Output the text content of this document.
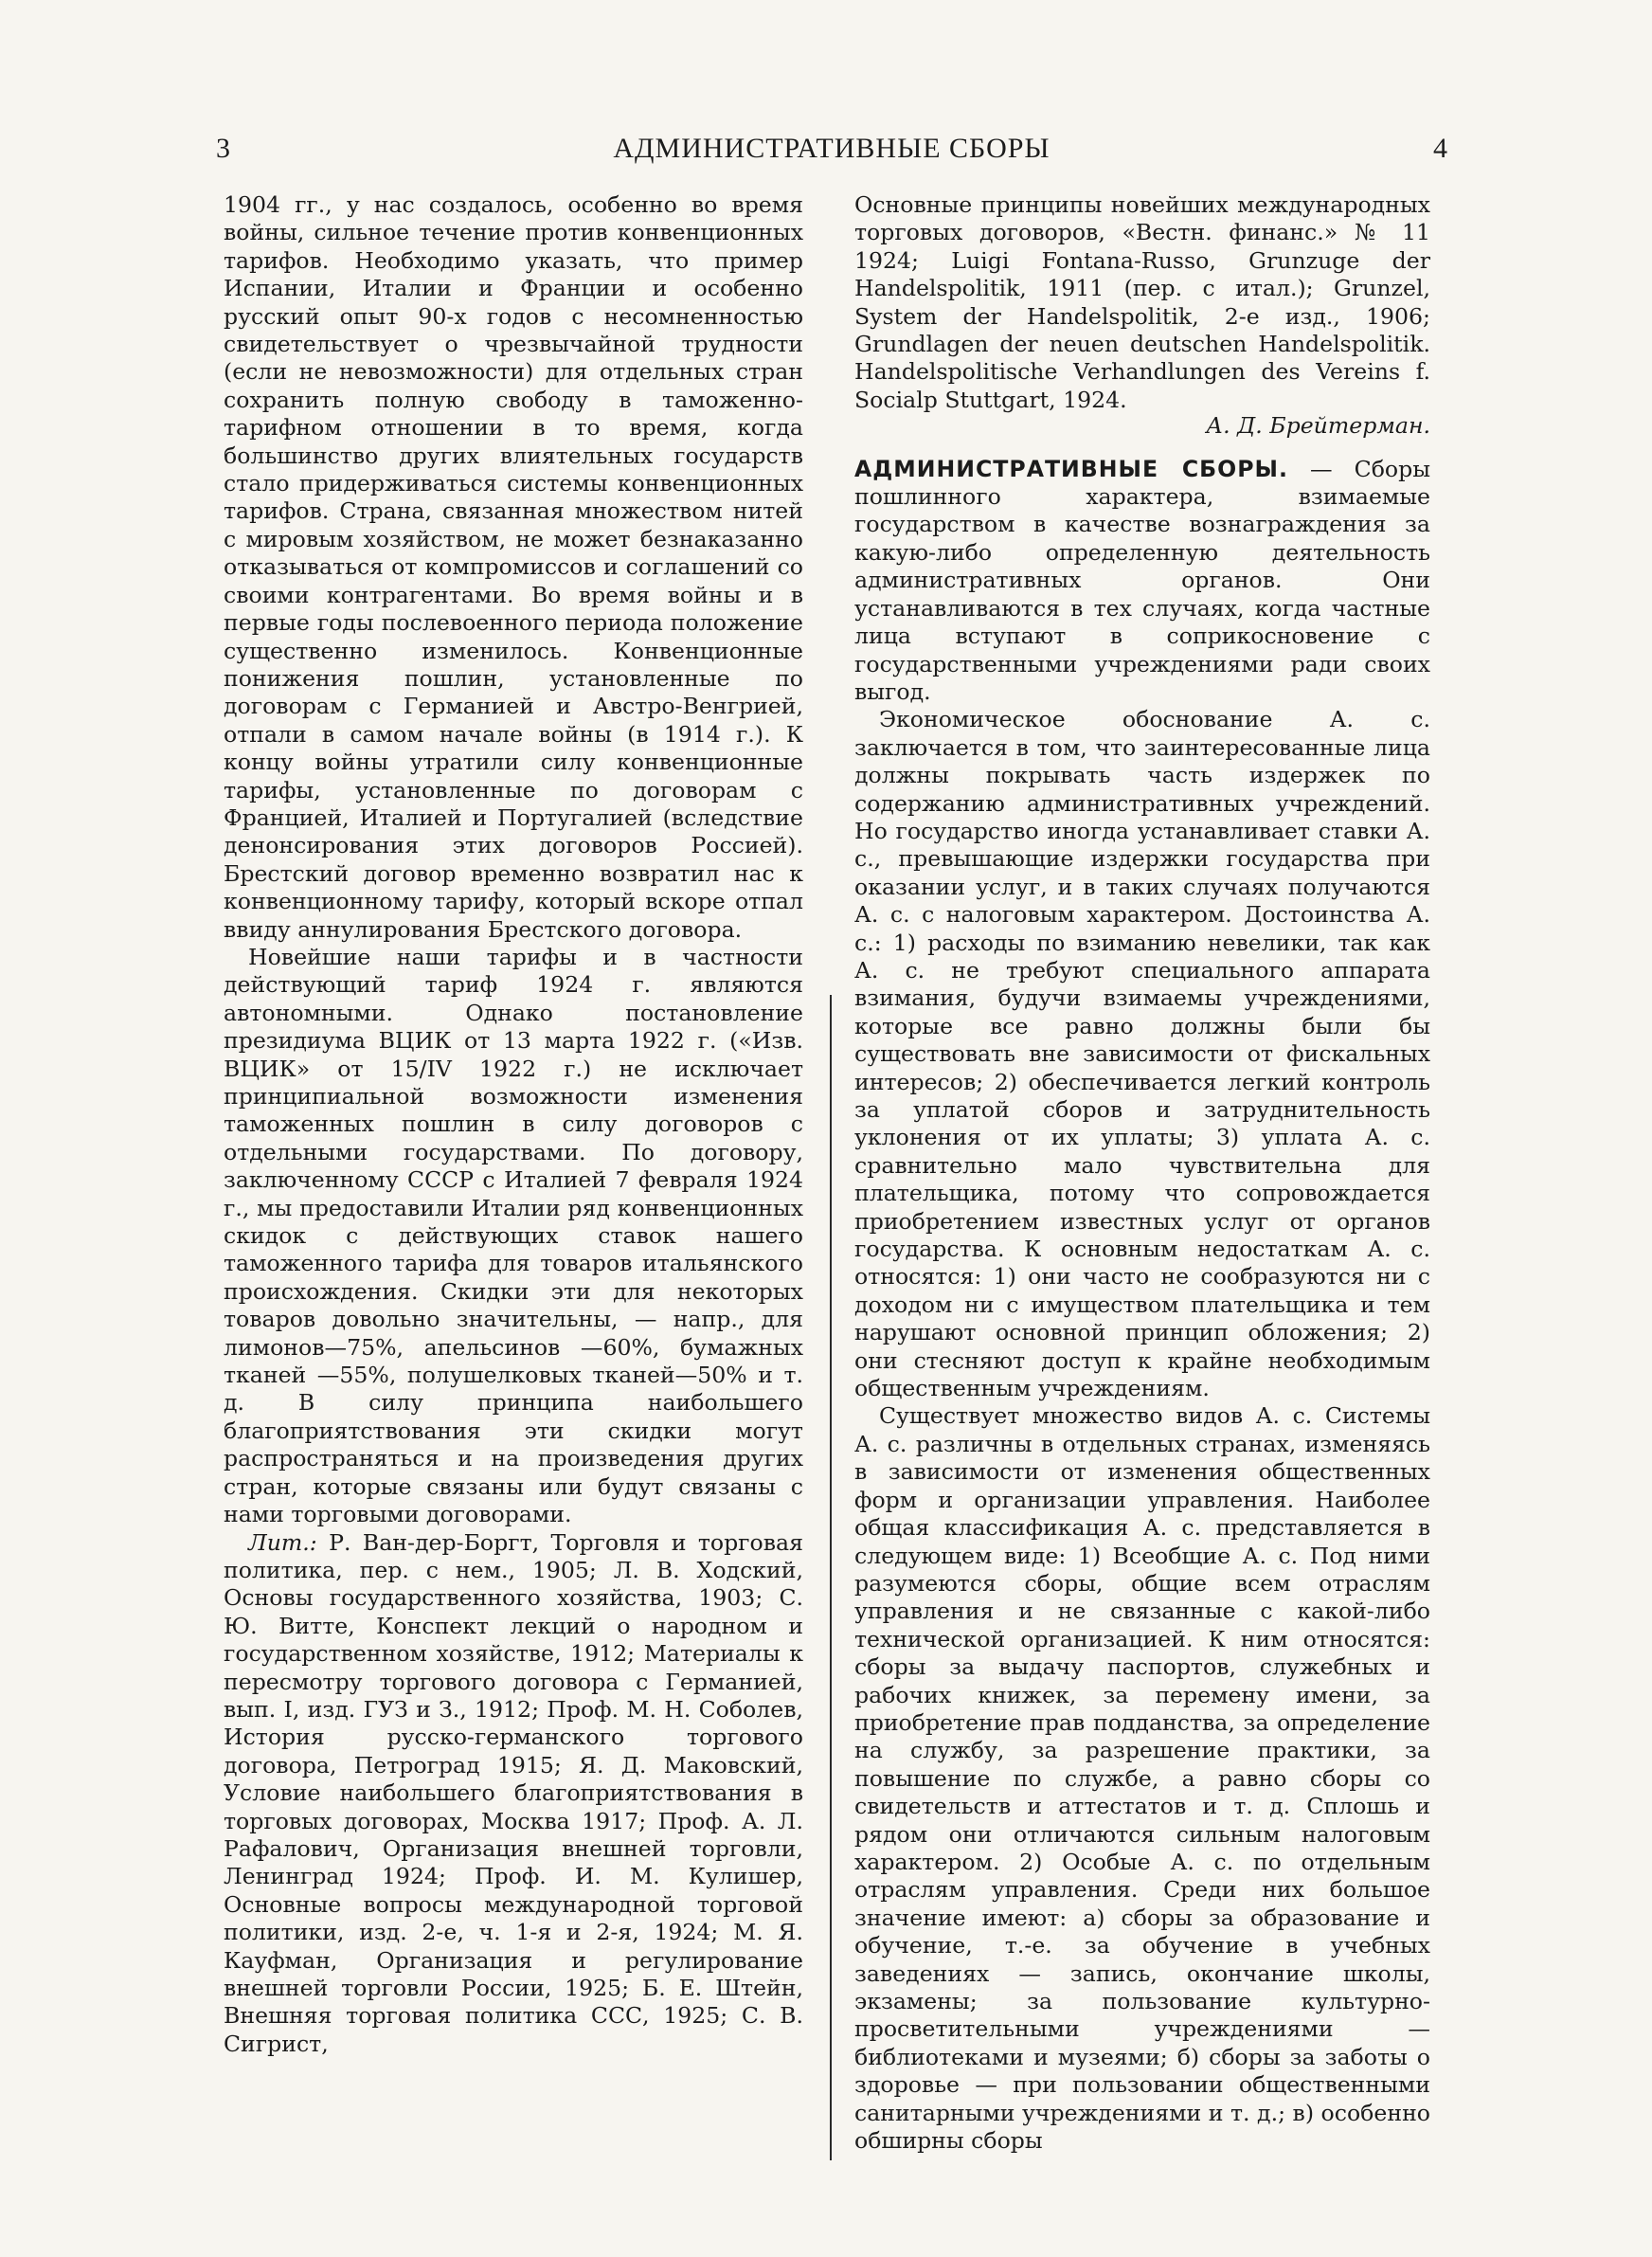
3	АДМИНИСТРАТИВНЫЕ СБОРЫ	4

1904 гг., у нас создалось, особенно во время войны, сильное течение против конвенционных тарифов. Необходимо указать, что пример Испании, Италии и Франции и особенно русский опыт 90-х годов с несомненностью свидетельствует о чрезвычайной трудности (если не невозможности) для отдельных стран сохранить полную свободу в таможенно-тарифном отношении в то время, когда большинство других влиятельных государств стало придерживаться системы конвенционных тарифов. Страна, связанная множеством нитей с мировым хозяйством, не может безнаказанно отказываться от компромиссов и соглашений со своими контрагентами. Во время войны и в первые годы послевоенного периода положение существенно изменилось. Конвенционные понижения пошлин, установленные по договорам с Германией и Австро-Венгрией, отпали в самом начале войны (в 1914 г.). К концу войны утратили силу конвенционные тарифы, установленные по договорам с Францией, Италией и Португалией (вследствие денонсирования этих договоров Россией). Брестский договор временно возвратил нас к конвенционному тарифу, который вскоре отпал ввиду аннулирования Брестского договора.

Новейшие наши тарифы и в частности действующий тариф 1924 г. являются автономными. Однако постановление президиума ВЦИК от 13 марта 1922 г. («Изв. ВЦИК» от 15/IV 1922 г.) не исключает принципиальной возможности изменения таможенных пошлин в силу договоров с отдельными государствами. По договору, заключенному СССР с Италией 7 февраля 1924 г., мы предоставили Италии ряд конвенционных скидок с действующих ставок нашего таможенного тарифа для товаров итальянского происхождения. Скидки эти для некоторых товаров довольно значительны, — напр., для лимонов—75%, апельсинов —60%, бумажных тканей —55%, полушелковых тканей—50% и т. д. В силу принципа наибольшего благоприятствования эти скидки могут распространяться и на произведения других стран, которые связаны или будут связаны с нами торговыми договорами.

Лит.: Р. Ван-дер-Боргт, Торговля и торговая политика, пер. с нем., 1905; Л. В. Ходский, Основы государственного хозяйства, 1903; С. Ю. Витте, Конспект лекций о народном и государственном хозяйстве, 1912; Материалы к пересмотру торгового договора с Германией, вып. I, изд. ГУЗ и З., 1912; Проф. М. Н. Соболев, История русско-германского торгового договора, Петроград 1915; Я. Д. Маковский, Условие наибольшего благоприятствования в торговых договорах, Москва 1917; Проф. А. Л. Рафалович, Организация внешней торговли, Ленинград 1924; Проф. И. М. Кулишер, Основные вопросы международной торговой политики, изд. 2-е, ч. 1-я и 2-я, 1924; М. Я. Кауфман, Организация и регулирование внешней торговли России, 1925; Б. Е. Штейн, Внешняя торговая политика ССС, 1925; С. В. Сигрист,

Основные принципы новейших международных торговых договоров, «Вестн. финанс.» № 11 1924; Luigi Fontana-Russo, Grunzuge der Handelspolitik, 1911 (пер. с итал.); Grunzel, System der Handelspolitik, 2-е изд., 1906; Grundlagen der neuen deutschen Handelspolitik. Handelspolitische Verhandlungen des Vereins f. Socialp Stuttgart, 1924.

А. Д. Брейтерман.

АДМИНИСТРАТИВНЫЕ СБОРЫ. — Сборы пошлинного характера, взимаемые государством в качестве вознаграждения за какую-либо определенную деятельность административных органов. Они устанавливаются в тех случаях, когда частные лица вступают в соприкосновение с государственными учреждениями ради своих выгод.

Экономическое обоснование А. с. заключается в том, что заинтересованные лица должны покрывать часть издержек по содержанию административных учреждений. Но государство иногда устанавливает ставки А. с., превышающие издержки государства при оказании услуг, и в таких случаях получаются А. с. с налоговым характером. Достоинства А. с.: 1) расходы по взиманию невелики, так как А. с. не требуют специального аппарата взимания, будучи взимаемы учреждениями, которые все равно должны были бы существовать вне зависимости от фискальных интересов; 2) обеспечивается легкий контроль за уплатой сборов и затруднительность уклонения от их уплаты; 3) уплата А. с. сравнительно мало чувствительна для плательщика, потому что сопровождается приобретением известных услуг от органов государства. К основным недостаткам А. с. относятся: 1) они часто не сообразуются ни с доходом ни с имуществом плательщика и тем нарушают основной принцип обложения; 2) они стесняют доступ к крайне необходимым общественным учреждениям.

Существует множество видов А. с. Системы А. с. различны в отдельных странах, изменяясь в зависимости от изменения общественных форм и организации управления. Наиболее общая классификация А. с. представляется в следующем виде: 1) Всеобщие А. с. Под ними разумеются сборы, общие всем отраслям управления и не связанные с какой-либо технической организацией. К ним относятся: сборы за выдачу паспортов, служебных и рабочих книжек, за перемену имени, за приобретение прав подданства, за определение на службу, за разрешение практики, за повышение по службе, а равно сборы со свидетельств и аттестатов и т. д. Сплошь и рядом они отличаются сильным налоговым характером. 2) Особые А. с. по отдельным отраслям управления. Среди них большое значение имеют: а) сборы за образование и обучение, т.-е. за обучение в учебных заведениях — запись, окончание школы, экзамены; за пользование культурно-просветительными учреждениями — библиотеками и музеями; б) сборы за заботы о здоровье — при пользовании общественными санитарными учреждениями и т. д.; в) особенно обширны сборы
